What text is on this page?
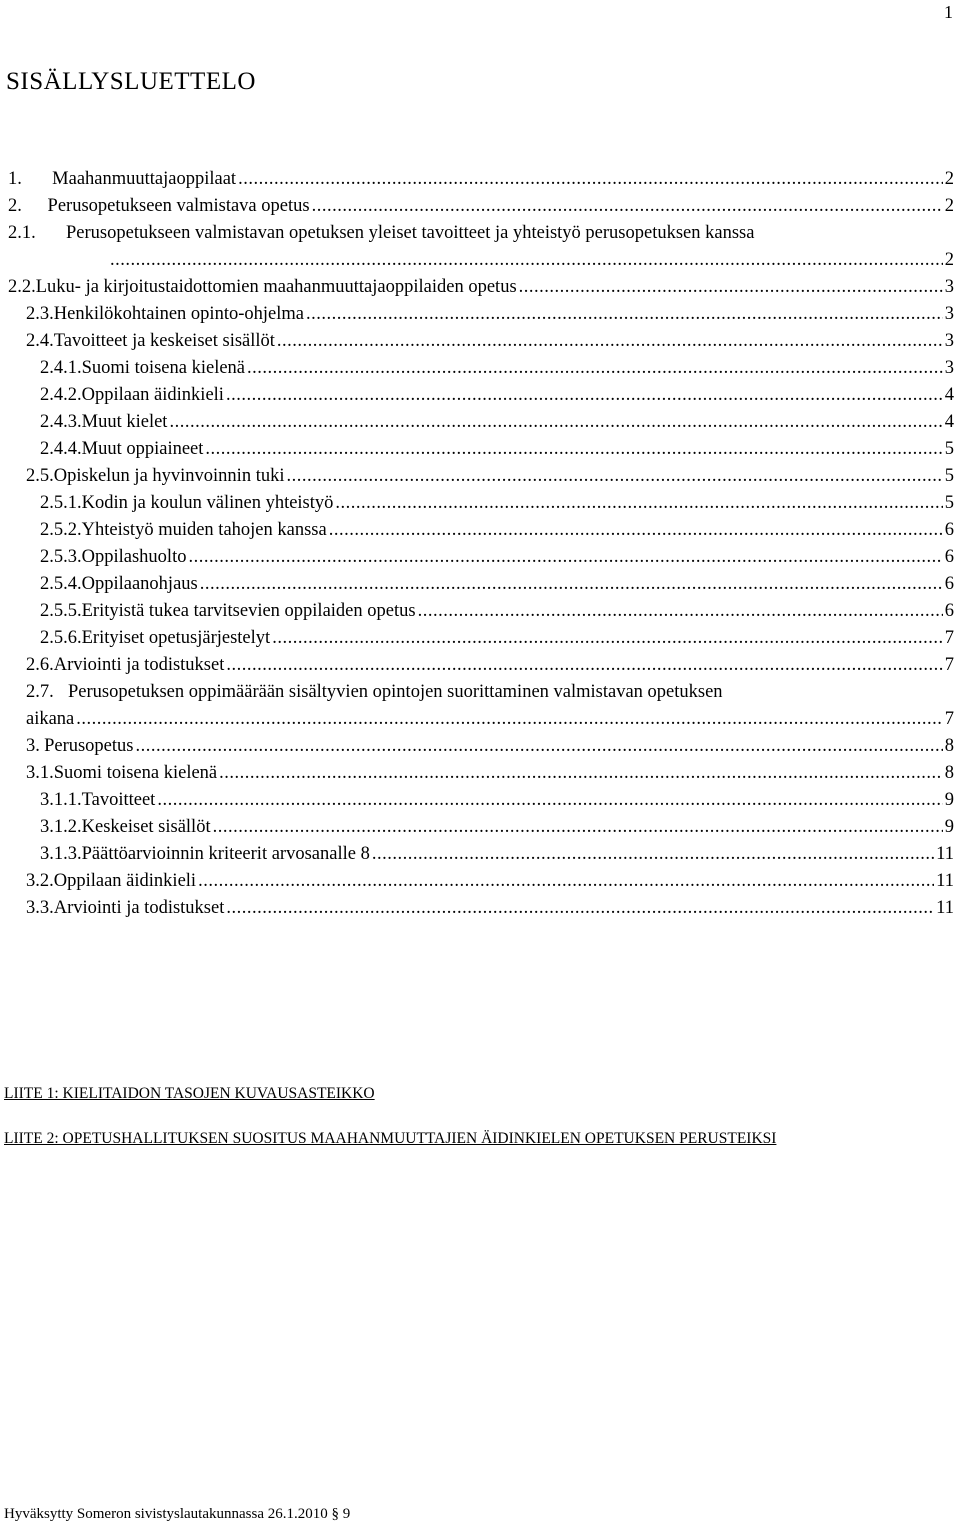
1
SISÄLLYSLUETTELO
1.	Maahanmuuttajaoppilaat .....	2
2.	Perusopetukseen valmistava opetus .....	2
2.1.	Perusopetukseen valmistavan opetuksen yleiset tavoitteet ja yhteistyö perusopetuksen kanssa
.....
2
2.2. Luku- ja kirjoitustaidottomien maahanmuuttajaoppilaiden opetus .....	3
2.3. Henkilökohtainen opinto-ohjelma .....	3
2.4. Tavoitteet ja keskeiset sisällöt .....	3
2.4.1. Suomi toisena kielenä .....	3
2.4.2. Oppilaan äidinkieli .....	4
2.4.3. Muut kielet .....	4
2.4.4. Muut oppiaineet .....	5
2.5. Opiskelun ja hyvinvoinnin tuki .....	5
2.5.1. Kodin ja koulun välinen yhteistyö .....	5
2.5.2. Yhteistyö muiden tahojen kanssa .....	6
2.5.3. Oppilashuolto .....	6
2.5.4. Oppilaanohjaus .....	6
2.5.5. Erityistä tukea tarvitsevien oppilaiden opetus .....	6
2.5.6. Erityiset opetusjärjestelyt .....	7
2.6. Arviointi ja todistukset .....	7
2.7. Perusopetuksen oppimäärään sisältyvien opintojen suorittaminen valmistavan opetuksen
aikana .....	7
3. Perusopetus .....	8
3.1. Suomi toisena kielenä .....	8
3.1.1. Tavoitteet .....	9
3.1.2. Keskeiset sisällöt .....	9
3.1.3. Päättöarvioinnin kriteerit arvosanalle 8 .....	11
3.2. Oppilaan äidinkieli .....	11
3.3. Arviointi ja todistukset .....	11
LIITE 1: KIELITAIDON TASOJEN KUVAUSASTEIKKO
LIITE 2: OPETUSHALLITUKSEN SUOSITUS MAAHANMUUTTAJIEN ÄIDINKIELEN OPETUKSEN PERUSTEIKSI
Hyväksytty Someron sivistyslautakunnassa 26.1.2010 § 9
